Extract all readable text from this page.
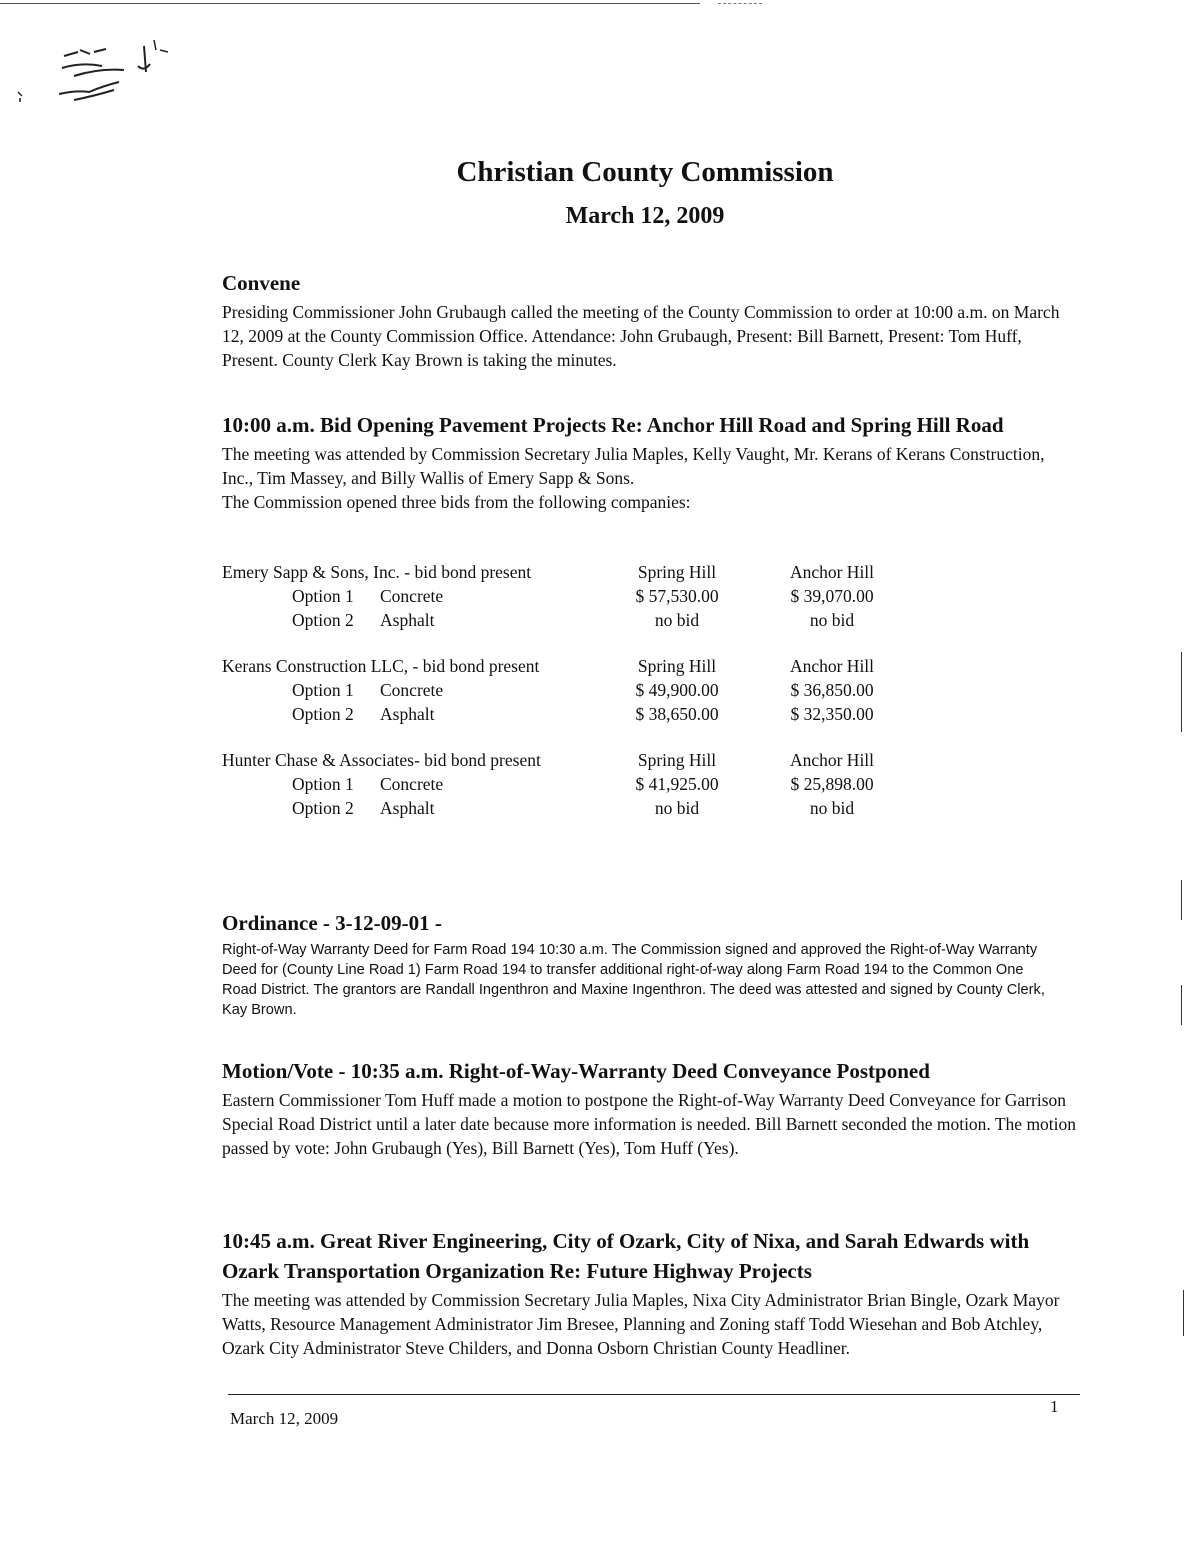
Christian County Commission
March 12, 2009
Convene

Presiding Commissioner John Grubaugh called the meeting of the County Commission to order at 10:00 a.m. on March 12, 2009 at the County Commission Office. Attendance: John Grubaugh, Present: Bill Barnett, Present: Tom Huff, Present. County Clerk Kay Brown is taking the minutes.

10:00 a.m. Bid Opening Pavement Projects Re: Anchor Hill Road and Spring Hill Road

The meeting was attended by Commission Secretary Julia Maples, Kelly Vaught, Mr. Kerans of Kerans Construction, Inc., Tim Massey, and Billy Wallis of Emery Sapp & Sons.

The Commission opened three bids from the following companies:

Emery Sapp & Sons, Inc. - bid bond present	Spring Hill	Anchor Hill
Option 1 Concrete	$ 57,530.00	$ 39,070.00
Option 2 Asphalt	no bid	no bid
Kerans Construction LLC, - bid bond present	Spring Hill	Anchor Hill
Option 1 Concrete	$ 49,900.00	$ 36,850.00
Option 2 Asphalt	$ 38,650.00	$ 32,350.00
Hunter Chase & Associates- bid bond present	Spring Hill	Anchor Hill
Option 1 Concrete	$ 41,925.00	$ 25,898.00
Option 2 Asphalt	no bid	no bid
Ordinance - 3-12-09-01 -

Right-of-Way Warranty Deed for Farm Road 194 10:30 a.m. The Commission signed and approved the Right-of-Way Warranty Deed for (County Line Road 1) Farm Road 194 to transfer additional right-of-way along Farm Road 194 to the Common One Road District. The grantors are Randall Ingenthron and Maxine Ingenthron. The deed was attested and signed by County Clerk, Kay Brown.

Motion/Vote - 10:35 a.m. Right-of-Way-Warranty Deed Conveyance Postponed

Eastern Commissioner Tom Huff made a motion to postpone the Right-of-Way Warranty Deed Conveyance for Garrison Special Road District until a later date because more information is needed. Bill Barnett seconded the motion. The motion passed by vote: John Grubaugh (Yes), Bill Barnett (Yes), Tom Huff (Yes).

10:45 a.m. Great River Engineering, City of Ozark, City of Nixa, and Sarah Edwards with Ozark Transportation Organization Re: Future Highway Projects

The meeting was attended by Commission Secretary Julia Maples, Nixa City Administrator Brian Bingle, Ozark Mayor Watts, Resource Management Administrator Jim Bresee, Planning and Zoning staff Todd Wiesehan and Bob Atchley, Ozark City Administrator Steve Childers, and Donna Osborn Christian County Headliner.

March 12, 2009
1
